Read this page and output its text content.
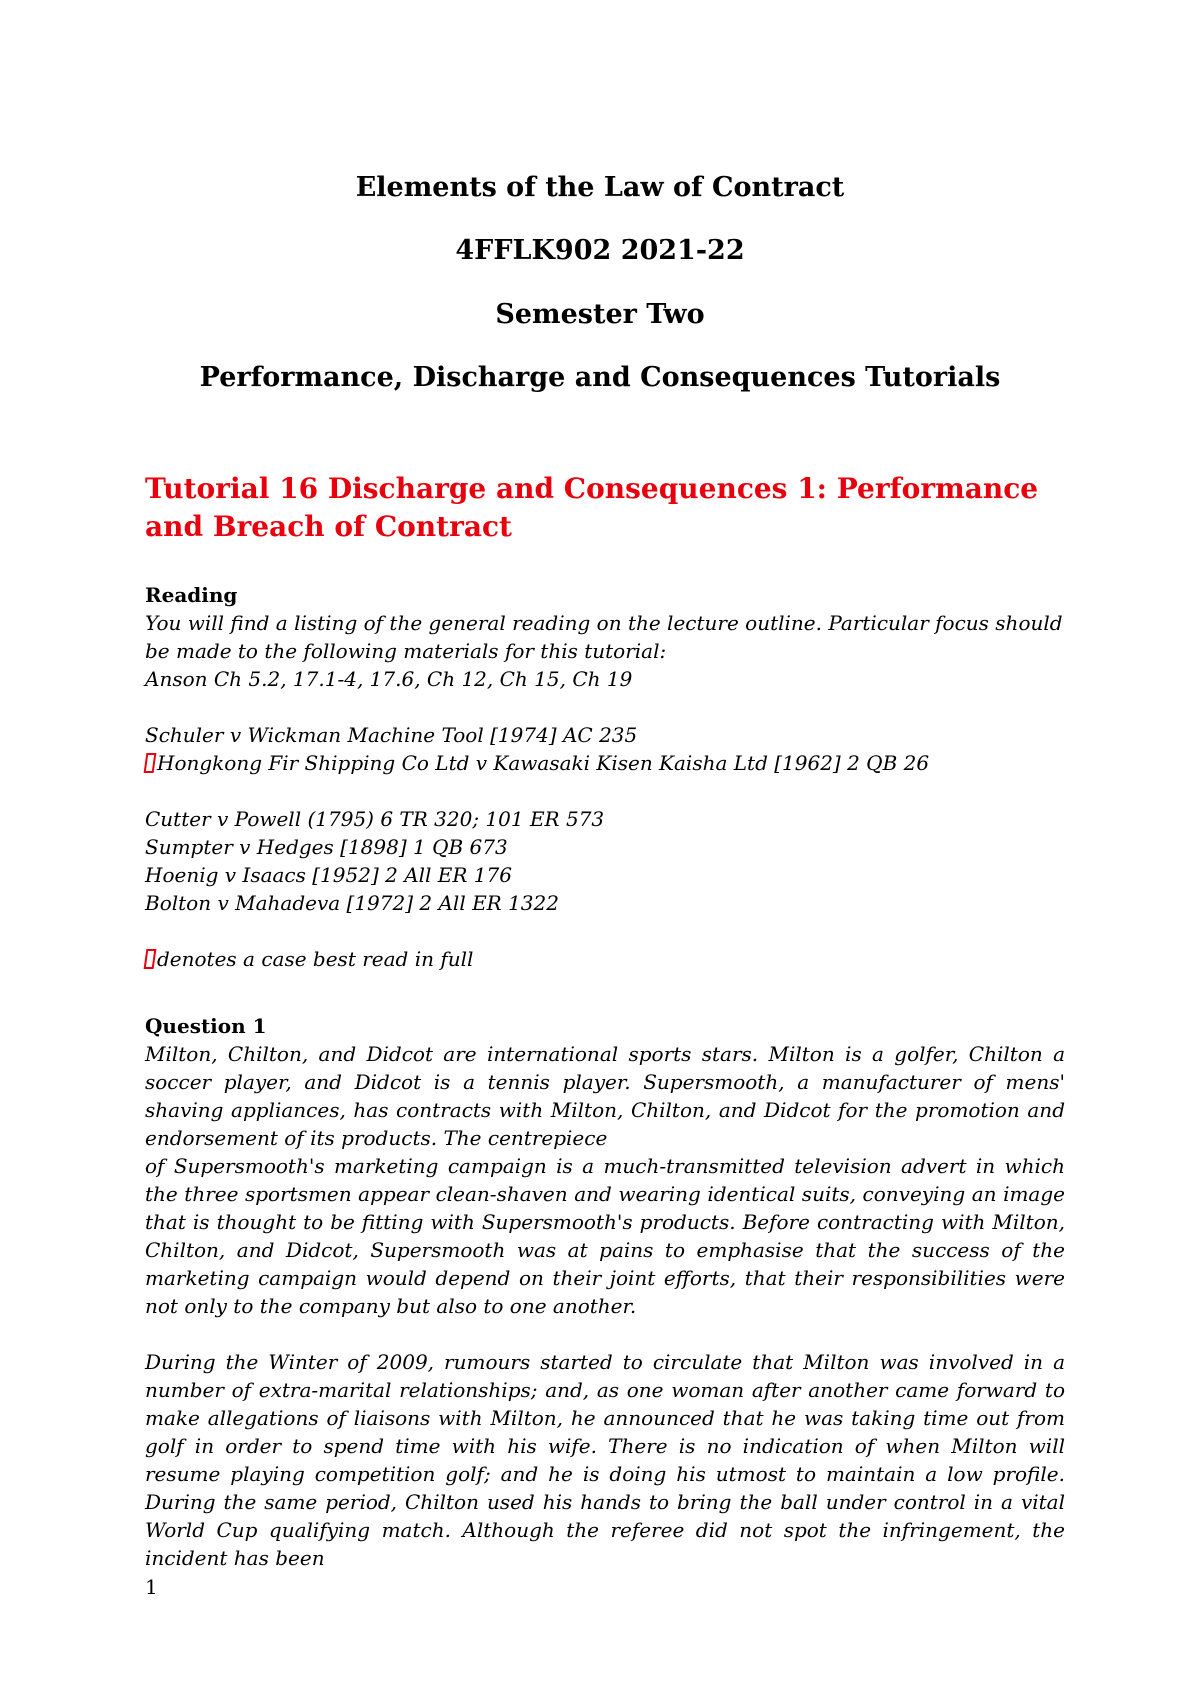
Elements of the Law of Contract
4FFLK902 2021-22
Semester Two
Performance, Discharge and Consequences Tutorials
Tutorial 16 Discharge and Consequences 1: Performance and Breach of Contract
Reading
You will find a listing of the general reading on the lecture outline. Particular focus should be made to the following materials for this tutorial:
Anson Ch 5.2, 17.1-4, 17.6, Ch 12, Ch 15, Ch 19
Schuler v Wickman Machine Tool [1974] AC 235
Hongkong Fir Shipping Co Ltd v Kawasaki Kisen Kaisha Ltd [1962] 2 QB 26
Cutter v Powell (1795) 6 TR 320; 101 ER 573
Sumpter v Hedges [1898] 1 QB 673
Hoenig v Isaacs [1952] 2 All ER 176
Bolton v Mahadeva [1972] 2 All ER 1322
denotes a case best read in full
Question 1
Milton, Chilton, and Didcot are international sports stars. Milton is a golfer, Chilton a soccer player, and Didcot is a tennis player. Supersmooth, a manufacturer of mens' shaving appliances, has contracts with Milton, Chilton, and Didcot for the promotion and endorsement of its products. The centrepiece
of Supersmooth's marketing campaign is a much-transmitted television advert in which the three sportsmen appear clean-shaven and wearing identical suits, conveying an image that is thought to be fitting with Supersmooth's products. Before contracting with Milton, Chilton, and Didcot, Supersmooth was at pains to emphasise that the success of the marketing campaign would depend on their joint efforts, that their responsibilities were not only to the company but also to one another.
During the Winter of 2009, rumours started to circulate that Milton was involved in a number of extra-marital relationships; and, as one woman after another came forward to make allegations of liaisons with Milton, he announced that he was taking time out from golf in order to spend time with his wife. There is no indication of when Milton will resume playing competition golf; and he is doing his utmost to maintain a low profile. During the same period, Chilton used his hands to bring the ball under control in a vital World Cup qualifying match. Although the referee did not spot the infringement, the incident has been
1
